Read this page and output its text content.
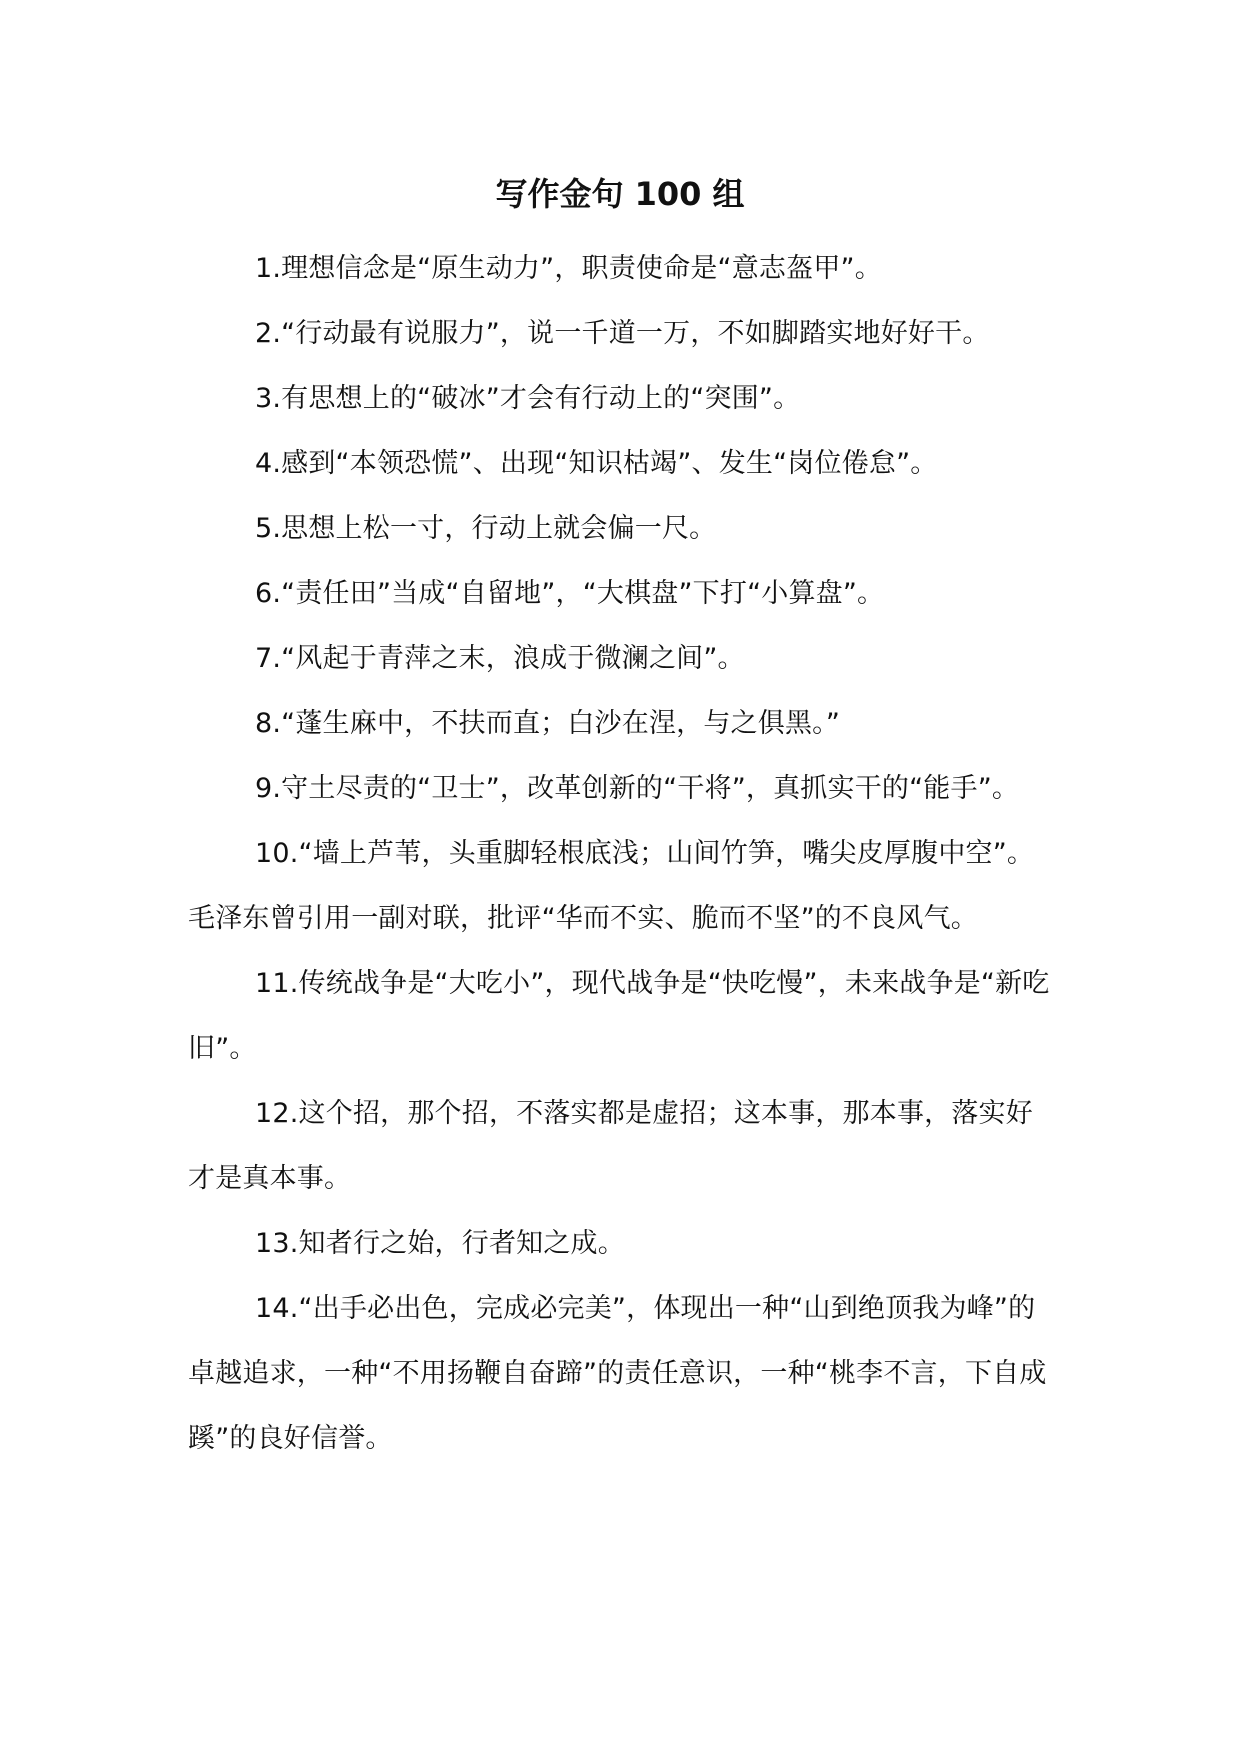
写作金句 100 组

1.理想信念是“原生动力”，职责使命是“意志盔甲”。

2.“行动最有说服力”，说一千道一万，不如脚踏实地好好干。

3.有思想上的“破冰”才会有行动上的“突围”。

4.感到“本领恐慌”、出现“知识枯竭”、发生“岗位倦怠”。

5.思想上松一寸，行动上就会偏一尺。

6.“责任田”当成“自留地”，“大棋盘”下打“小算盘”。

7.“风起于青萍之末，浪成于微澜之间”。

8.“蓬生麻中，不扶而直；白沙在涅，与之俱黑。”

9.守土尽责的“卫士”，改革创新的“干将”，真抓实干的“能手”。

10.“墙上芦苇，头重脚轻根底浅；山间竹笋，嘴尖皮厚腹中空”。毛泽东曾引用一副对联，批评“华而不实、脆而不坚”的不良风气。

11.传统战争是“大吃小”，现代战争是“快吃慢”，未来战争是“新吃旧”。

12.这个招，那个招，不落实都是虚招；这本事，那本事，落实好才是真本事。

13.知者行之始，行者知之成。

14.“出手必出色，完成必完美”，体现出一种“山到绝顶我为峰”的卓越追求，一种“不用扬鞭自奋蹄”的责任意识，一种“桃李不言，下自成蹊”的良好信誉。
